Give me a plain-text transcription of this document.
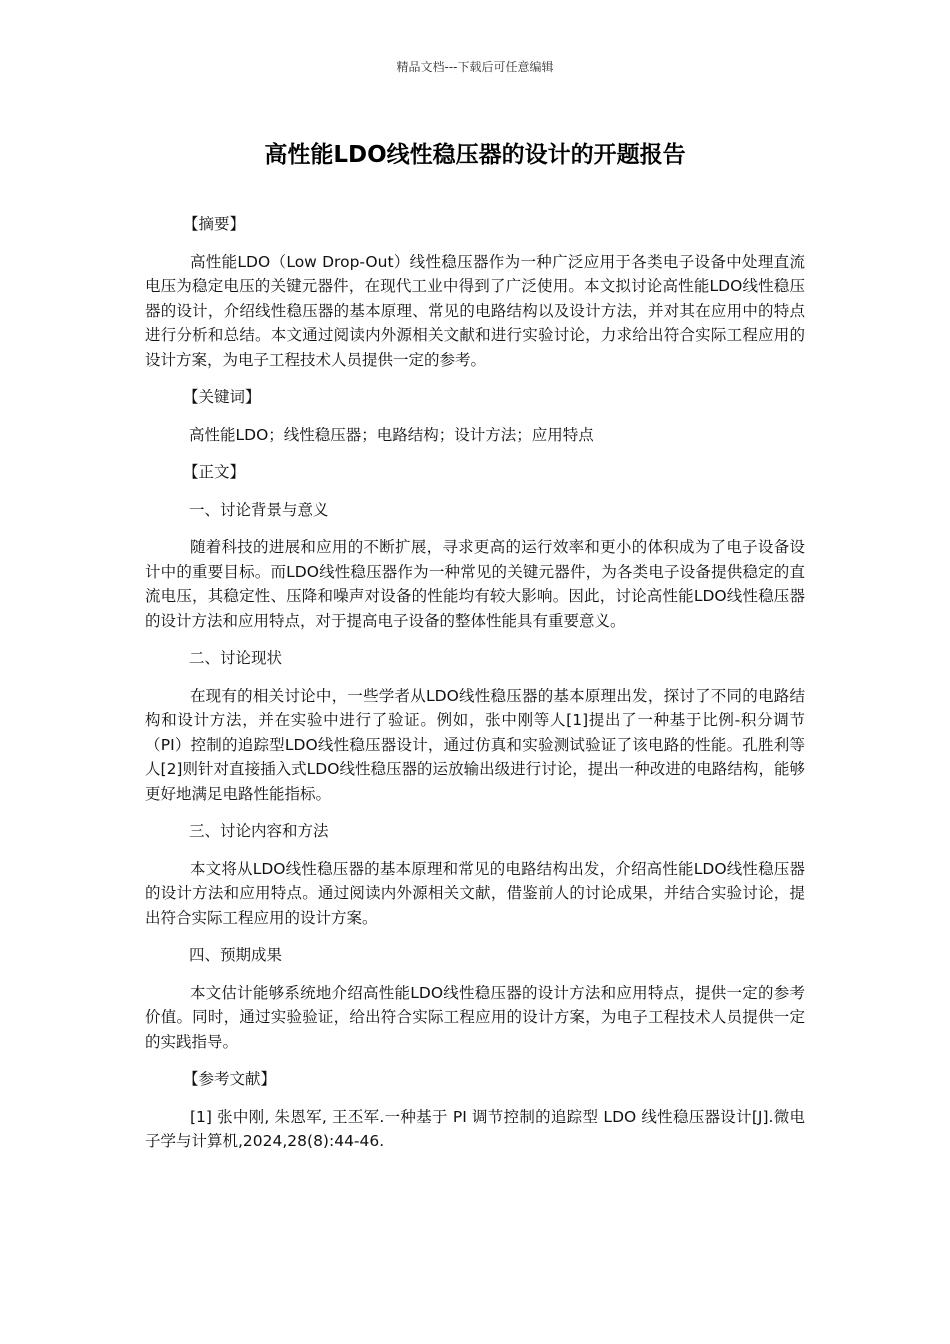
精品文档---下载后可任意编辑
高性能LDO线性稳压器的设计的开题报告

【摘要】

高性能LDO（Low Drop-Out）线性稳压器作为一种广泛应用于各类电子设备中处理直流电压为稳定电压的关键元器件，在现代工业中得到了广泛使用。本文拟讨论高性能LDO线性稳压器的设计，介绍线性稳压器的基本原理、常见的电路结构以及设计方法，并对其在应用中的特点进行分析和总结。本文通过阅读内外源相关文献和进行实验讨论，力求给出符合实际工程应用的设计方案，为电子工程技术人员提供一定的参考。

【关键词】

高性能LDO；线性稳压器；电路结构；设计方法；应用特点

【正文】

一、讨论背景与意义

随着科技的进展和应用的不断扩展，寻求更高的运行效率和更小的体积成为了电子设备设计中的重要目标。而LDO线性稳压器作为一种常见的关键元器件，为各类电子设备提供稳定的直流电压，其稳定性、压降和噪声对设备的性能均有较大影响。因此，讨论高性能LDO线性稳压器的设计方法和应用特点，对于提高电子设备的整体性能具有重要意义。

二、讨论现状

在现有的相关讨论中，一些学者从LDO线性稳压器的基本原理出发，探讨了不同的电路结构和设计方法，并在实验中进行了验证。例如，张中刚等人[1]提出了一种基于比例-积分调节（PI）控制的追踪型LDO线性稳压器设计，通过仿真和实验测试验证了该电路的性能。孔胜利等人[2]则针对直接插入式LDO线性稳压器的运放输出级进行讨论，提出一种改进的电路结构，能够更好地满足电路性能指标。

三、讨论内容和方法

本文将从LDO线性稳压器的基本原理和常见的电路结构出发，介绍高性能LDO线性稳压器的设计方法和应用特点。通过阅读内外源相关文献，借鉴前人的讨论成果，并结合实验讨论，提出符合实际工程应用的设计方案。

四、预期成果

本文估计能够系统地介绍高性能LDO线性稳压器的设计方法和应用特点，提供一定的参考价值。同时，通过实验验证，给出符合实际工程应用的设计方案，为电子工程技术人员提供一定的实践指导。

【参考文献】

[1] 张中刚, 朱恩军, 王丕军.一种基于 PI 调节控制的追踪型 LDO 线性稳压器设计[J].微电子学与计算机,2024,28(8):44-46.
